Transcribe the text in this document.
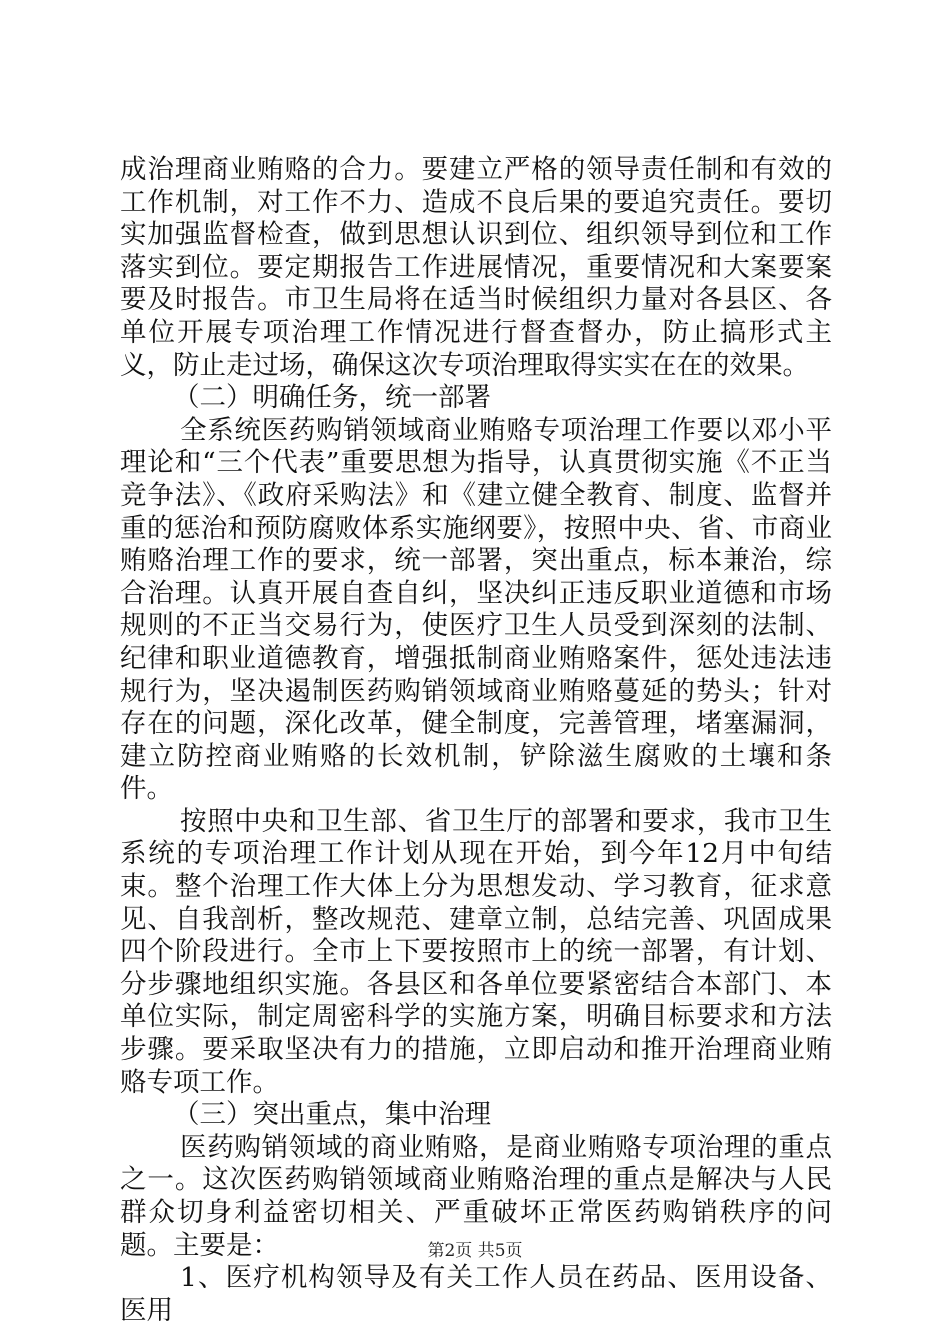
成治理商业贿赂的合力。要建立严格的领导责任制和有效的工作机制，对工作不力、造成不良后果的要追究责任。要切实加强监督检查，做到思想认识到位、组织领导到位和工作落实到位。要定期报告工作进展情况，重要情况和大案要案要及时报告。市卫生局将在适当时候组织力量对各县区、各单位开展专项治理工作情况进行督查督办，防止搞形式主义，防止走过场，确保这次专项治理取得实实在在的效果。

（二）明确任务，统一部署

全系统医药购销领域商业贿赂专项治理工作要以邓小平理论和“三个代表”重要思想为指导，认真贯彻实施《不正当竞争法》、《政府采购法》和《建立健全教育、制度、监督并重的惩治和预防腐败体系实施纲要》，按照中央、省、市商业贿赂治理工作的要求，统一部署，突出重点，标本兼治，综合治理。认真开展自查自纠，坚决纠正违反职业道德和市场规则的不正当交易行为，使医疗卫生人员受到深刻的法制、纪律和职业道德教育，增强抵制商业贿赂案件，惩处违法违规行为，坚决遏制医药购销领域商业贿赂蔓延的势头；针对存在的问题，深化改革，健全制度，完善管理，堵塞漏洞，建立防控商业贿赂的长效机制，铲除滋生腐败的土壤和条件。

按照中央和卫生部、省卫生厅的部署和要求，我市卫生系统的专项治理工作计划从现在开始，到今年12月中旬结束。整个治理工作大体上分为思想发动、学习教育，征求意见、自我剖析，整改规范、建章立制，总结完善、巩固成果四个阶段进行。全市上下要按照市上的统一部署，有计划、分步骤地组织实施。各县区和各单位要紧密结合本部门、本单位实际，制定周密科学的实施方案，明确目标要求和方法步骤。要采取坚决有力的措施，立即启动和推开治理商业贿赂专项工作。

（三）突出重点，集中治理

医药购销领域的商业贿赂，是商业贿赂专项治理的重点之一。这次医药购销领域商业贿赂治理的重点是解决与人民群众切身利益密切相关、严重破坏正常医药购销秩序的问题。主要是：

1、医疗机构领导及有关工作人员在药品、医用设备、医用

第2页 共5页
